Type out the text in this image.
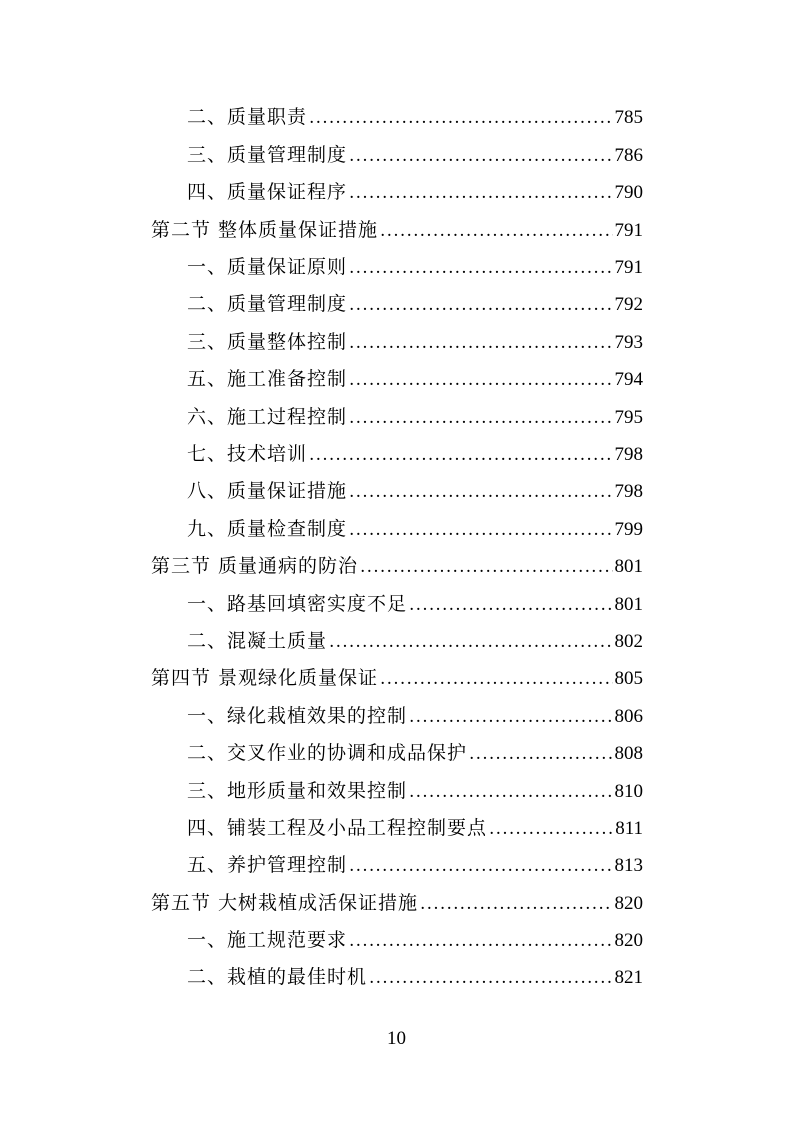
二、质量职责 .....	785
三、质量管理制度 .....	786
四、质量保证程序 .....	790
第二节 整体质量保证措施 .....	791
一、质量保证原则 .....	791
二、质量管理制度 .....	792
三、质量整体控制 .....	793
五、施工准备控制 .....	794
六、施工过程控制 .....	795
七、技术培训 .....	798
八、质量保证措施 .....	798
九、质量检查制度 .....	799
第三节 质量通病的防治 .....	801
一、路基回填密实度不足 .....	801
二、混凝土质量 .....	802
第四节 景观绿化质量保证 .....	805
一、绿化栽植效果的控制 .....	806
二、交叉作业的协调和成品保护 .....	808
三、地形质量和效果控制 .....	810
四、铺装工程及小品工程控制要点 .....	811
五、养护管理控制 .....	813
第五节 大树栽植成活保证措施 .....	820
一、施工规范要求 .....	820
二、栽植的最佳时机 .....	821
10
